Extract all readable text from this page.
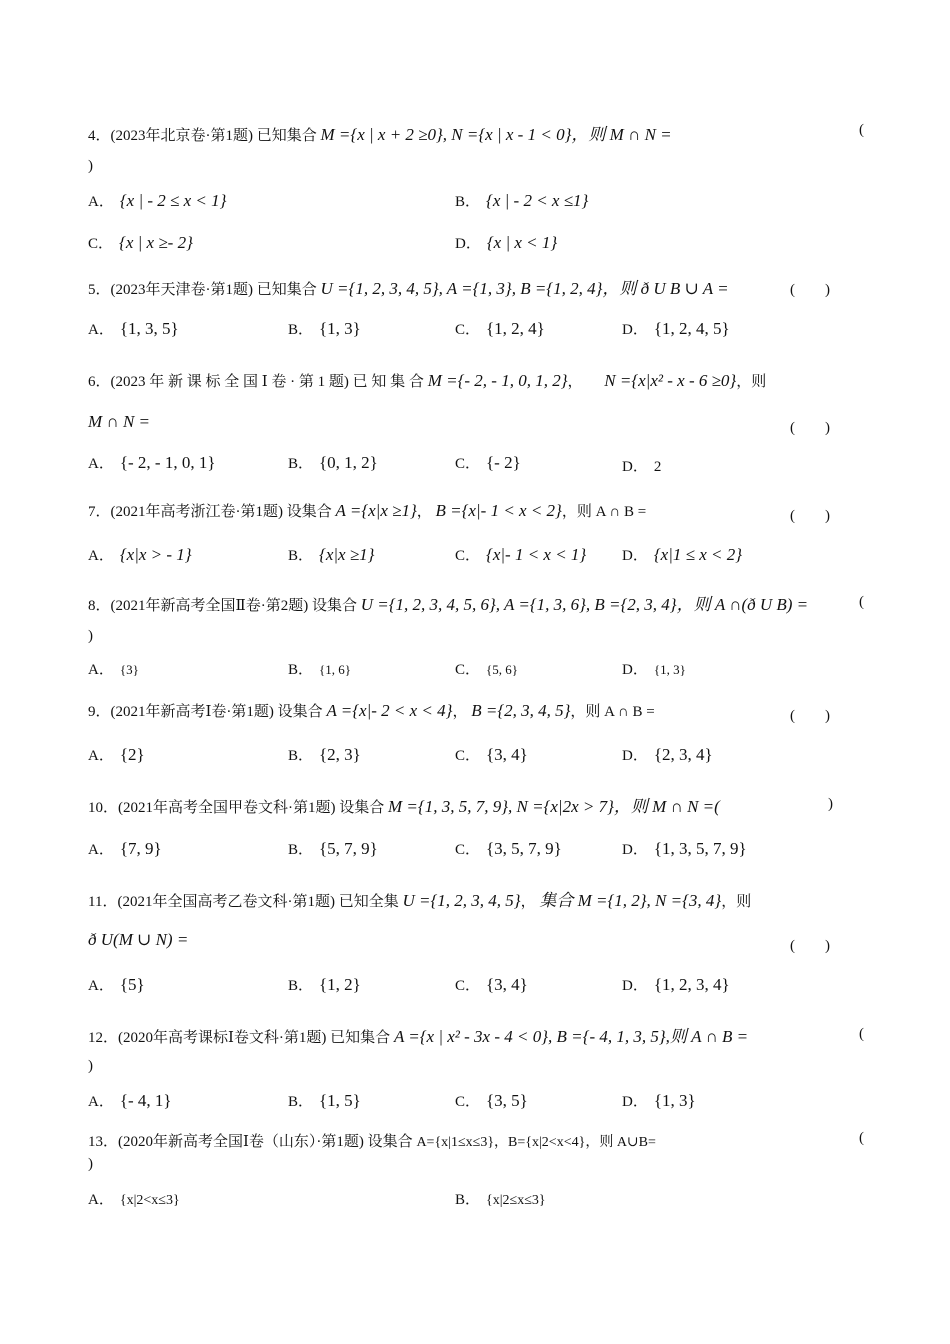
4．(2023年北京卷·第1题) 已知集合 M ={x | x + 2 ≥0}, N ={x | x - 1 < 0}，则 M ∩ N =	(
)
A． {x | - 2 ≤ x < 1}	B． {x | - 2 < x ≤1}
C． {x | x ≥- 2}	D． {x | x < 1}
5．(2023年天津卷·第1题) 已知集合 U ={1, 2, 3, 4, 5}, A ={1, 3}, B ={1, 2, 4}，则 ð U B ∪ A =	(　　)
A． {1, 3, 5}	B． {1, 3}	C． {1, 2, 4}	D． {1, 2, 4, 5}
6．(2023 年 新 课 标 全 国 Ⅰ 卷 · 第 1 题) 已 知 集 合 M ={- 2, - 1, 0, 1, 2}， N ={x|x² - x - 6 ≥0}，则
M ∩ N =	(　　)
A． {- 2, - 1, 0, 1}	B． {0, 1, 2}	C． {- 2}	D． 2
7．(2021年高考浙江卷·第1题) 设集合 A ={x|x ≥1}， B ={x|- 1 < x < 2}，则 A ∩ B =	(　　)
A． {x|x > - 1}	B． {x|x ≥1}	C． {x|- 1 < x < 1} D． {x|1 ≤ x < 2}
8．(2021年新高考全国Ⅱ卷·第2题) 设集合 U ={1, 2, 3, 4, 5, 6}, A ={1, 3, 6}, B ={2, 3, 4}，则 A ∩(ð U B) =	(
)
A． {3}	B． {1, 6}	C． {5, 6}	D． {1, 3}
9．(2021年新高考Ⅰ卷·第1题) 设集合 A ={x|- 2 < x < 4}， B ={2, 3, 4, 5}，则 A ∩ B =	(　　)
A． {2}	B． {2, 3}	C． {3, 4}	D． {2, 3, 4}
10．(2021年高考全国甲卷文科·第1题) 设集合 M ={1, 3, 5, 7, 9}, N ={x|2x > 7}，则 M ∩ N =(	)
A． {7, 9}	B． {5, 7, 9}	C． {3, 5, 7, 9}	D． {1, 3, 5, 7, 9}
11．(2021年全国高考乙卷文科·第1题) 已知全集 U ={1, 2, 3, 4, 5}， 集合 M ={1, 2}, N ={3, 4}，则
ð U(M ∪ N) =	(　　)
A． {5}	B． {1, 2}	C． {3, 4}	D． {1, 2, 3, 4}
12．(2020年高考课标Ⅰ卷文科·第1题) 已知集合 A ={x | x² - 3x - 4 < 0}, B ={- 4, 1, 3, 5},则 A ∩ B =	(
)
A． {- 4, 1}	B． {1, 5}	C． {3, 5}	D． {1, 3}
13．(2020年新高考全国Ⅰ卷（山东）·第1题) 设集合 A={x|1≤x≤3}，B={x|2<x<4}，则 A∪B=	(
)
A． {x|2<x≤3}	B． {x|2≤x≤3}
